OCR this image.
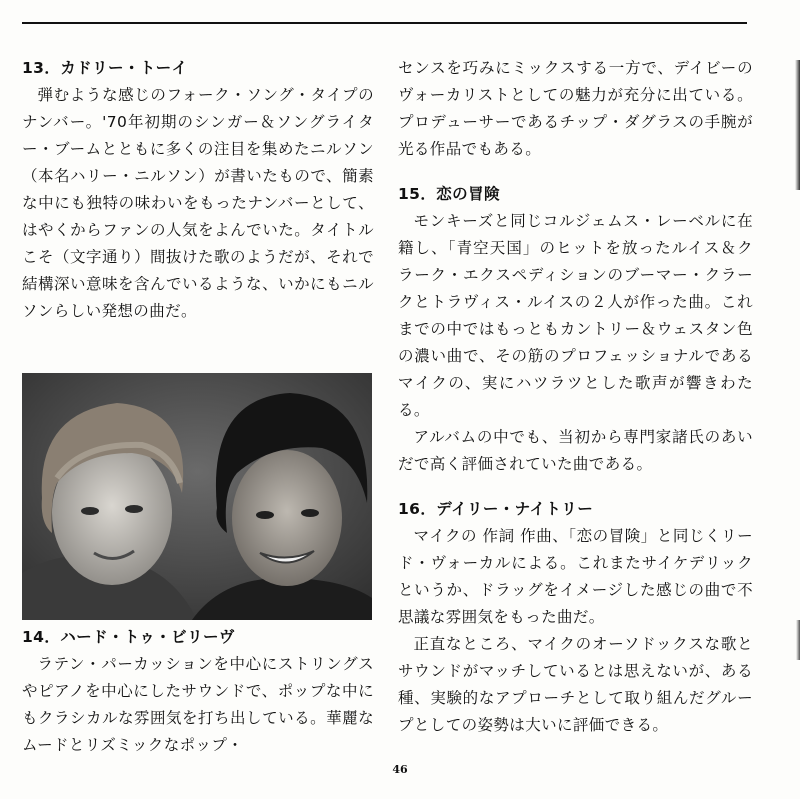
13．カドリー・トーイ

弾むような感じのフォーク・ソング・タイプのナンバー。'70年初期のシンガー＆ソングライター・ブームとともに多くの注目を集めたニルソン（本名ハリー・ニルソン）が書いたもので、簡素な中にも独特の味わいをもったナンバーとして、はやくからファンの人気をよんでいた。タイトルこそ（文字通り）間抜けた歌のようだが、それで結構深い意味を含んでいるような、いかにもニルソンらしい発想の曲だ。

14．ハード・トゥ・ビリーヴ

ラテン・パーカッションを中心にストリングスやピアノを中心にしたサウンドで、ポップな中にもクラシカルな雰囲気を打ち出している。華麗なムードとリズミックなポップ・

センスを巧みにミックスする一方で、デイビーのヴォーカリストとしての魅力が充分に出ている。プロデューサーであるチップ・ダグラスの手腕が光る作品でもある。

15．恋の冒険

モンキーズと同じコルジェムス・レーベルに在籍し、「青空天国」のヒットを放ったルイス＆クラーク・エクスペディションのブーマー・クラークとトラヴィス・ルイスの２人が作った曲。これまでの中ではもっともカントリー＆ウェスタン色の濃い曲で、その筋のプロフェッショナルであるマイクの、実にハツラツとした歌声が響きわたる。

アルバムの中でも、当初から専門家諸氏のあいだで高く評価されていた曲である。

16．デイリー・ナイトリー

マイクの 作詞 作曲、「恋の冒険」と同じくリード・ヴォーカルによる。これまたサイケデリックというか、ドラッグをイメージした感じの曲で不思議な雰囲気をもった曲だ。

正直なところ、マイクのオーソドックスな歌とサウンドがマッチしているとは思えないが、ある種、実験的なアプローチとして取り組んだグループとしての姿勢は大いに評価できる。

46
